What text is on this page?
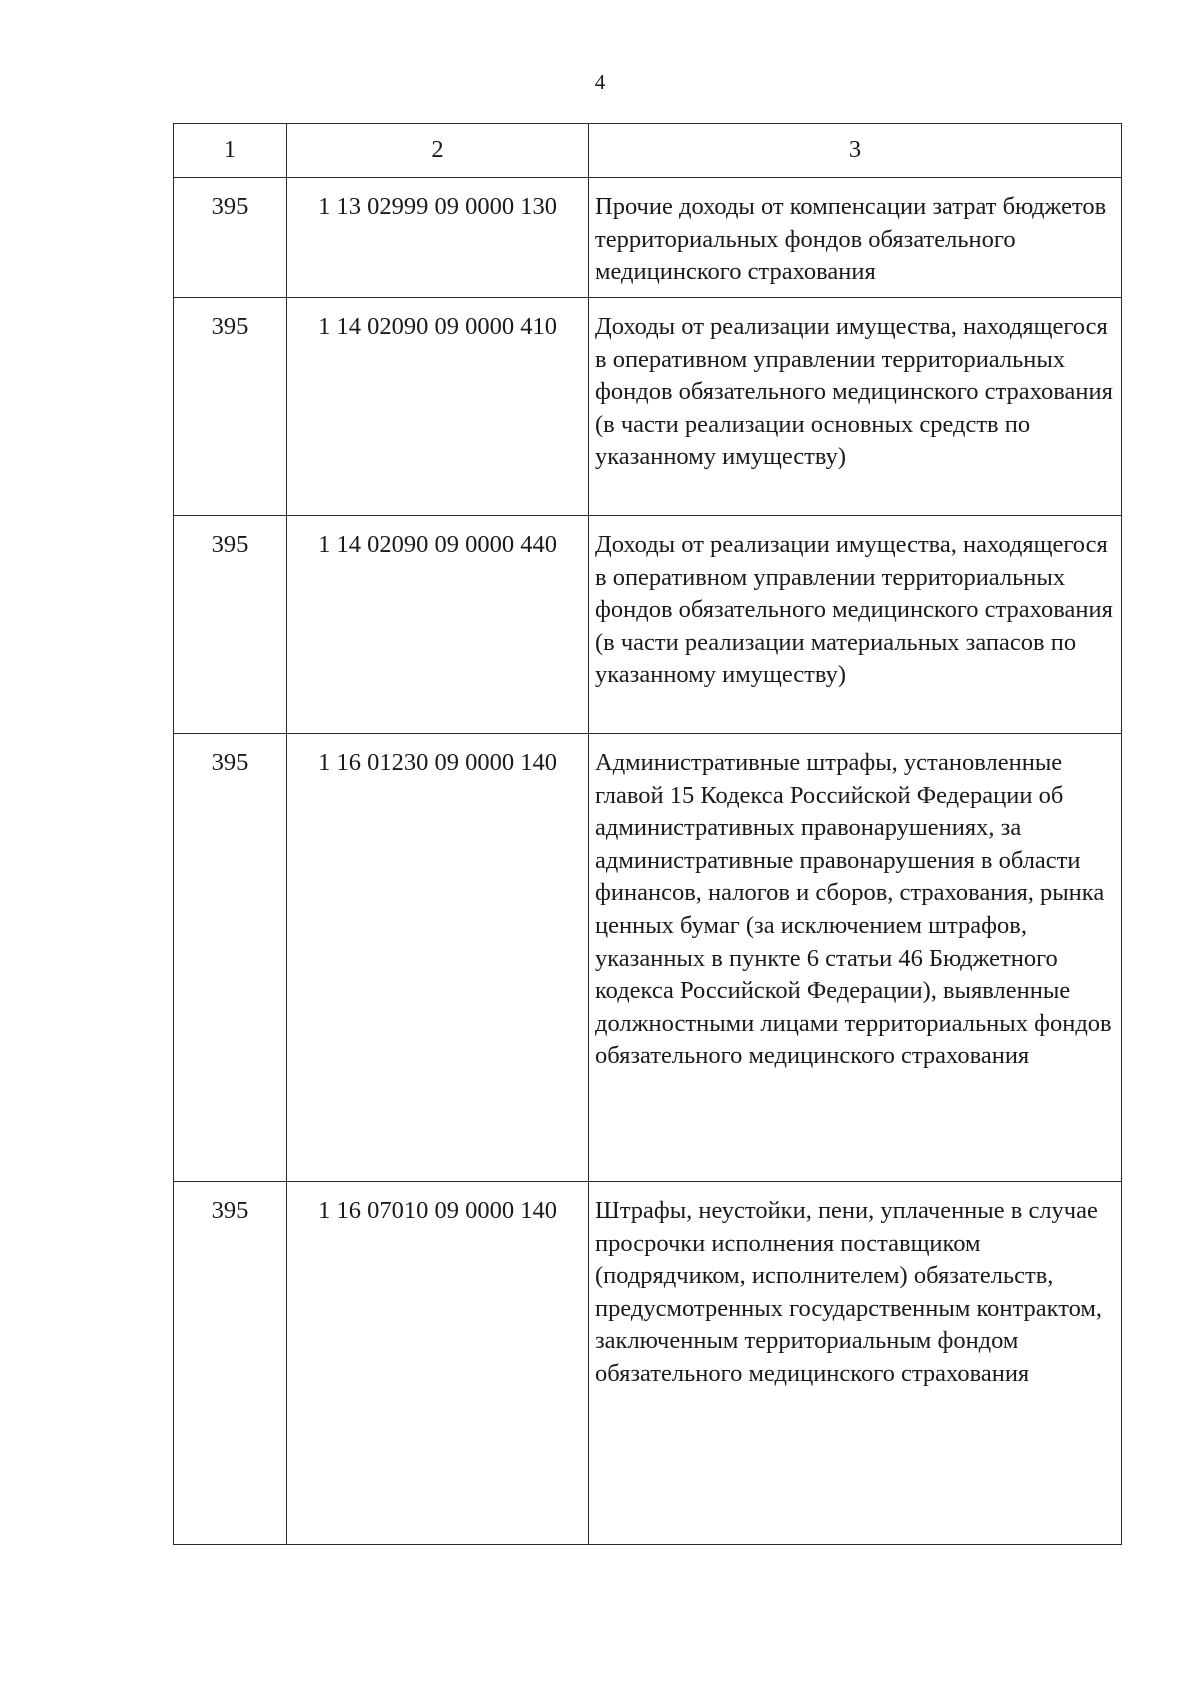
4
1	2	3
395	1 13 02999 09 0000 130	Прочие доходы от компенсации затрат бюджетов территориальных фондов обязательного медицинского страхования
395	1 14 02090 09 0000 410	Доходы от реализации имущества, находящегося в оперативном управлении территориальных фондов обязательного медицинского страхования (в части реализации основных средств по указанному имуществу)
395	1 14 02090 09 0000 440	Доходы от реализации имущества, находящегося в оперативном управлении территориальных фондов обязательного медицинского страхования (в части реализации материальных запасов по указанному имуществу)
395	1 16 01230 09 0000 140	Административные штрафы, установленные главой 15 Кодекса Российской Федерации об административных правонарушениях, за административные правонарушения в области финансов, налогов и сборов, страхования, рынка ценных бумаг (за исключением штрафов, указанных в пункте 6 статьи 46 Бюджетного кодекса Российской Федерации), выявленные должностными лицами территориальных фондов обязательного медицинского страхования
395	1 16 07010 09 0000 140	Штрафы, неустойки, пени, уплаченные в случае просрочки исполнения поставщиком (подрядчиком, исполнителем) обязательств, предусмотренных государственным контрактом, заключенным территориальным фондом обязательного медицинского страхования
